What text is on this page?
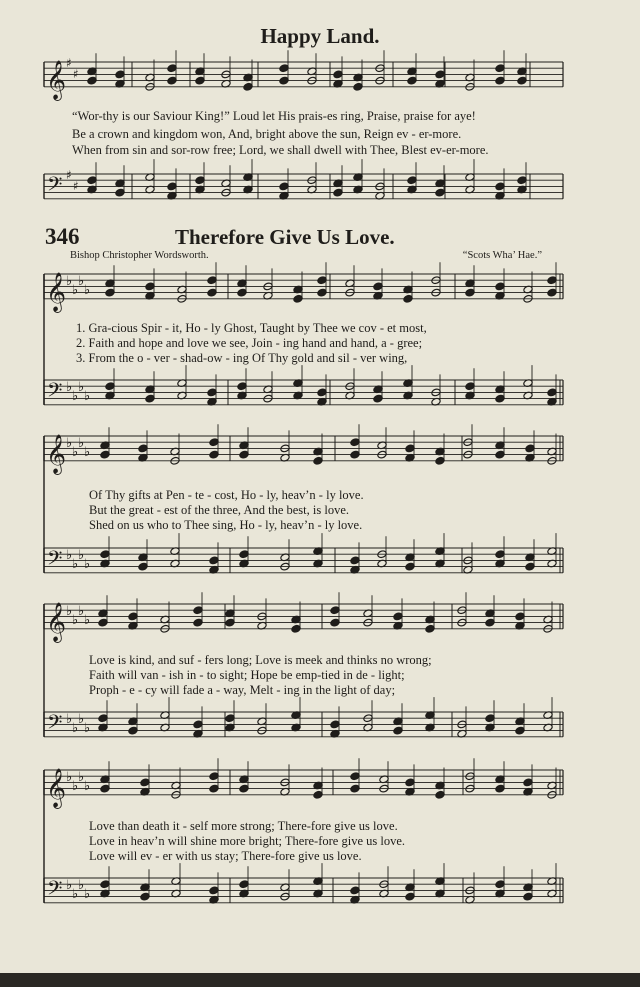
Happy Land.
𝄞 ♯
♯
𝄢 ♯
♯
𝄞 ♭
♭
♭
♭
𝄢 ♭
♭
♭
♭
𝄞 ♭
♭
♭
♭
𝄢 ♭
♭
♭
♭
𝄞 ♭
♭
♭
♭
𝄢 ♭
♭
♭
♭
𝄞 ♭
♭
♭
♭
𝄢 ♭
♭
♭
♭
“Wor-thy is our Saviour King!” Loud let His prais-es ring, Praise, praise for aye!
Be a crown and kingdom won, And, bright above the sun, Reign ev - er-more.
When from sin and sor-row free; Lord, we shall dwell with Thee, Blest ev-er-more.
346	Therefore Give Us Love.
Bishop Christopher Wordsworth.	“Scots Wha’ Hae.”
1. Gra-cious Spir - it, Ho - ly Ghost, Taught by Thee we cov - et most,
2. Faith and hope and love we see, Join - ing hand and hand, a - gree;
3. From the o - ver - shad-ow - ing Of Thy gold and sil - ver wing,
Of Thy gifts at Pen - te - cost, Ho - ly, heav’n - ly love.
But the great - est of the three, And the best, is love.
Shed on us who to Thee sing, Ho - ly, heav’n - ly love.
Love is kind, and suf - fers long; Love is meek and thinks no wrong;
Faith will van - ish in - to sight; Hope be emp-tied in de - light;
Proph - e - cy will fade a - way, Melt - ing in the light of day;
Love than death it - self more strong; There-fore give us love.
Love in heav’n will shine more bright; There-fore give us love.
Love will ev - er with us stay; There-fore give us love.
